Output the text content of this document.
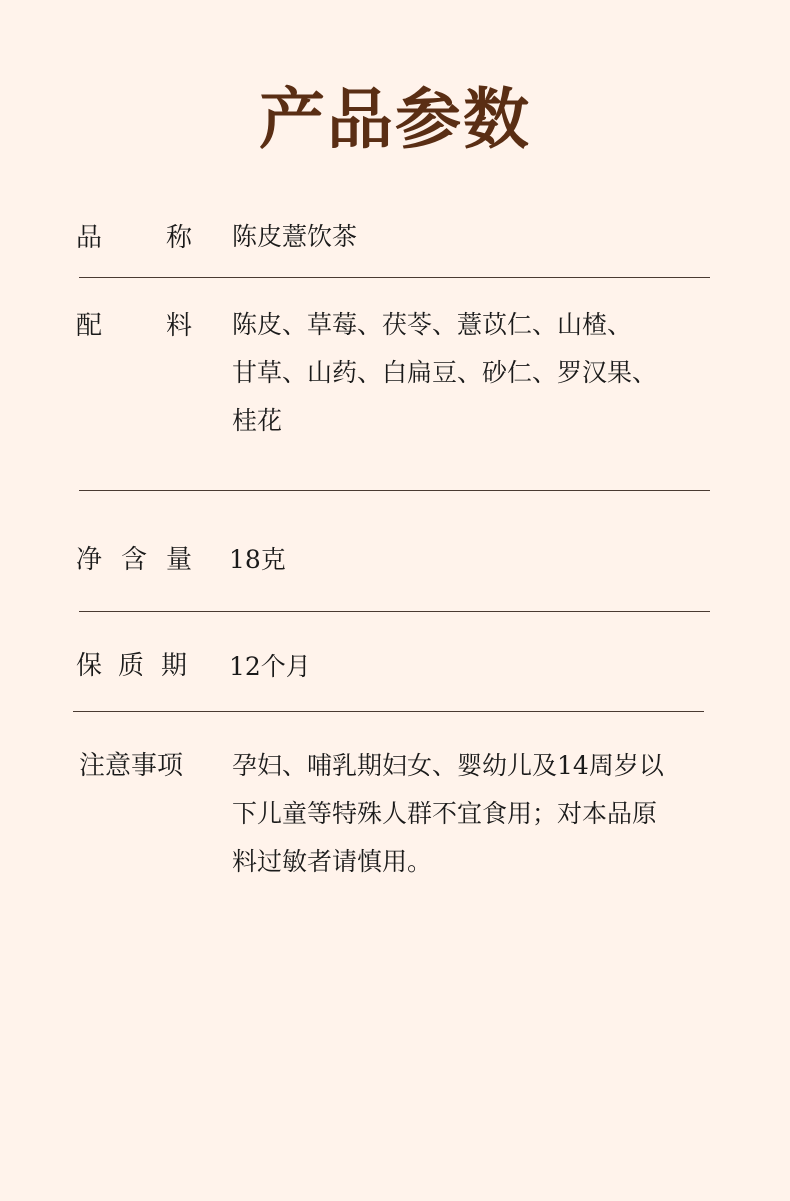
产品参数
品 称 陈皮薏饮茶
配 料 陈皮、草莓、茯苓、薏苡仁、山楂、
甘草、山药、白扁豆、砂仁、罗汉果、
桂花
净 含 量 18克
保 质 期 12个月
注意事项 孕妇、哺乳期妇女、婴幼儿及14周岁以
下儿童等特殊人群不宜食用；对本品原
料过敏者请慎用。
